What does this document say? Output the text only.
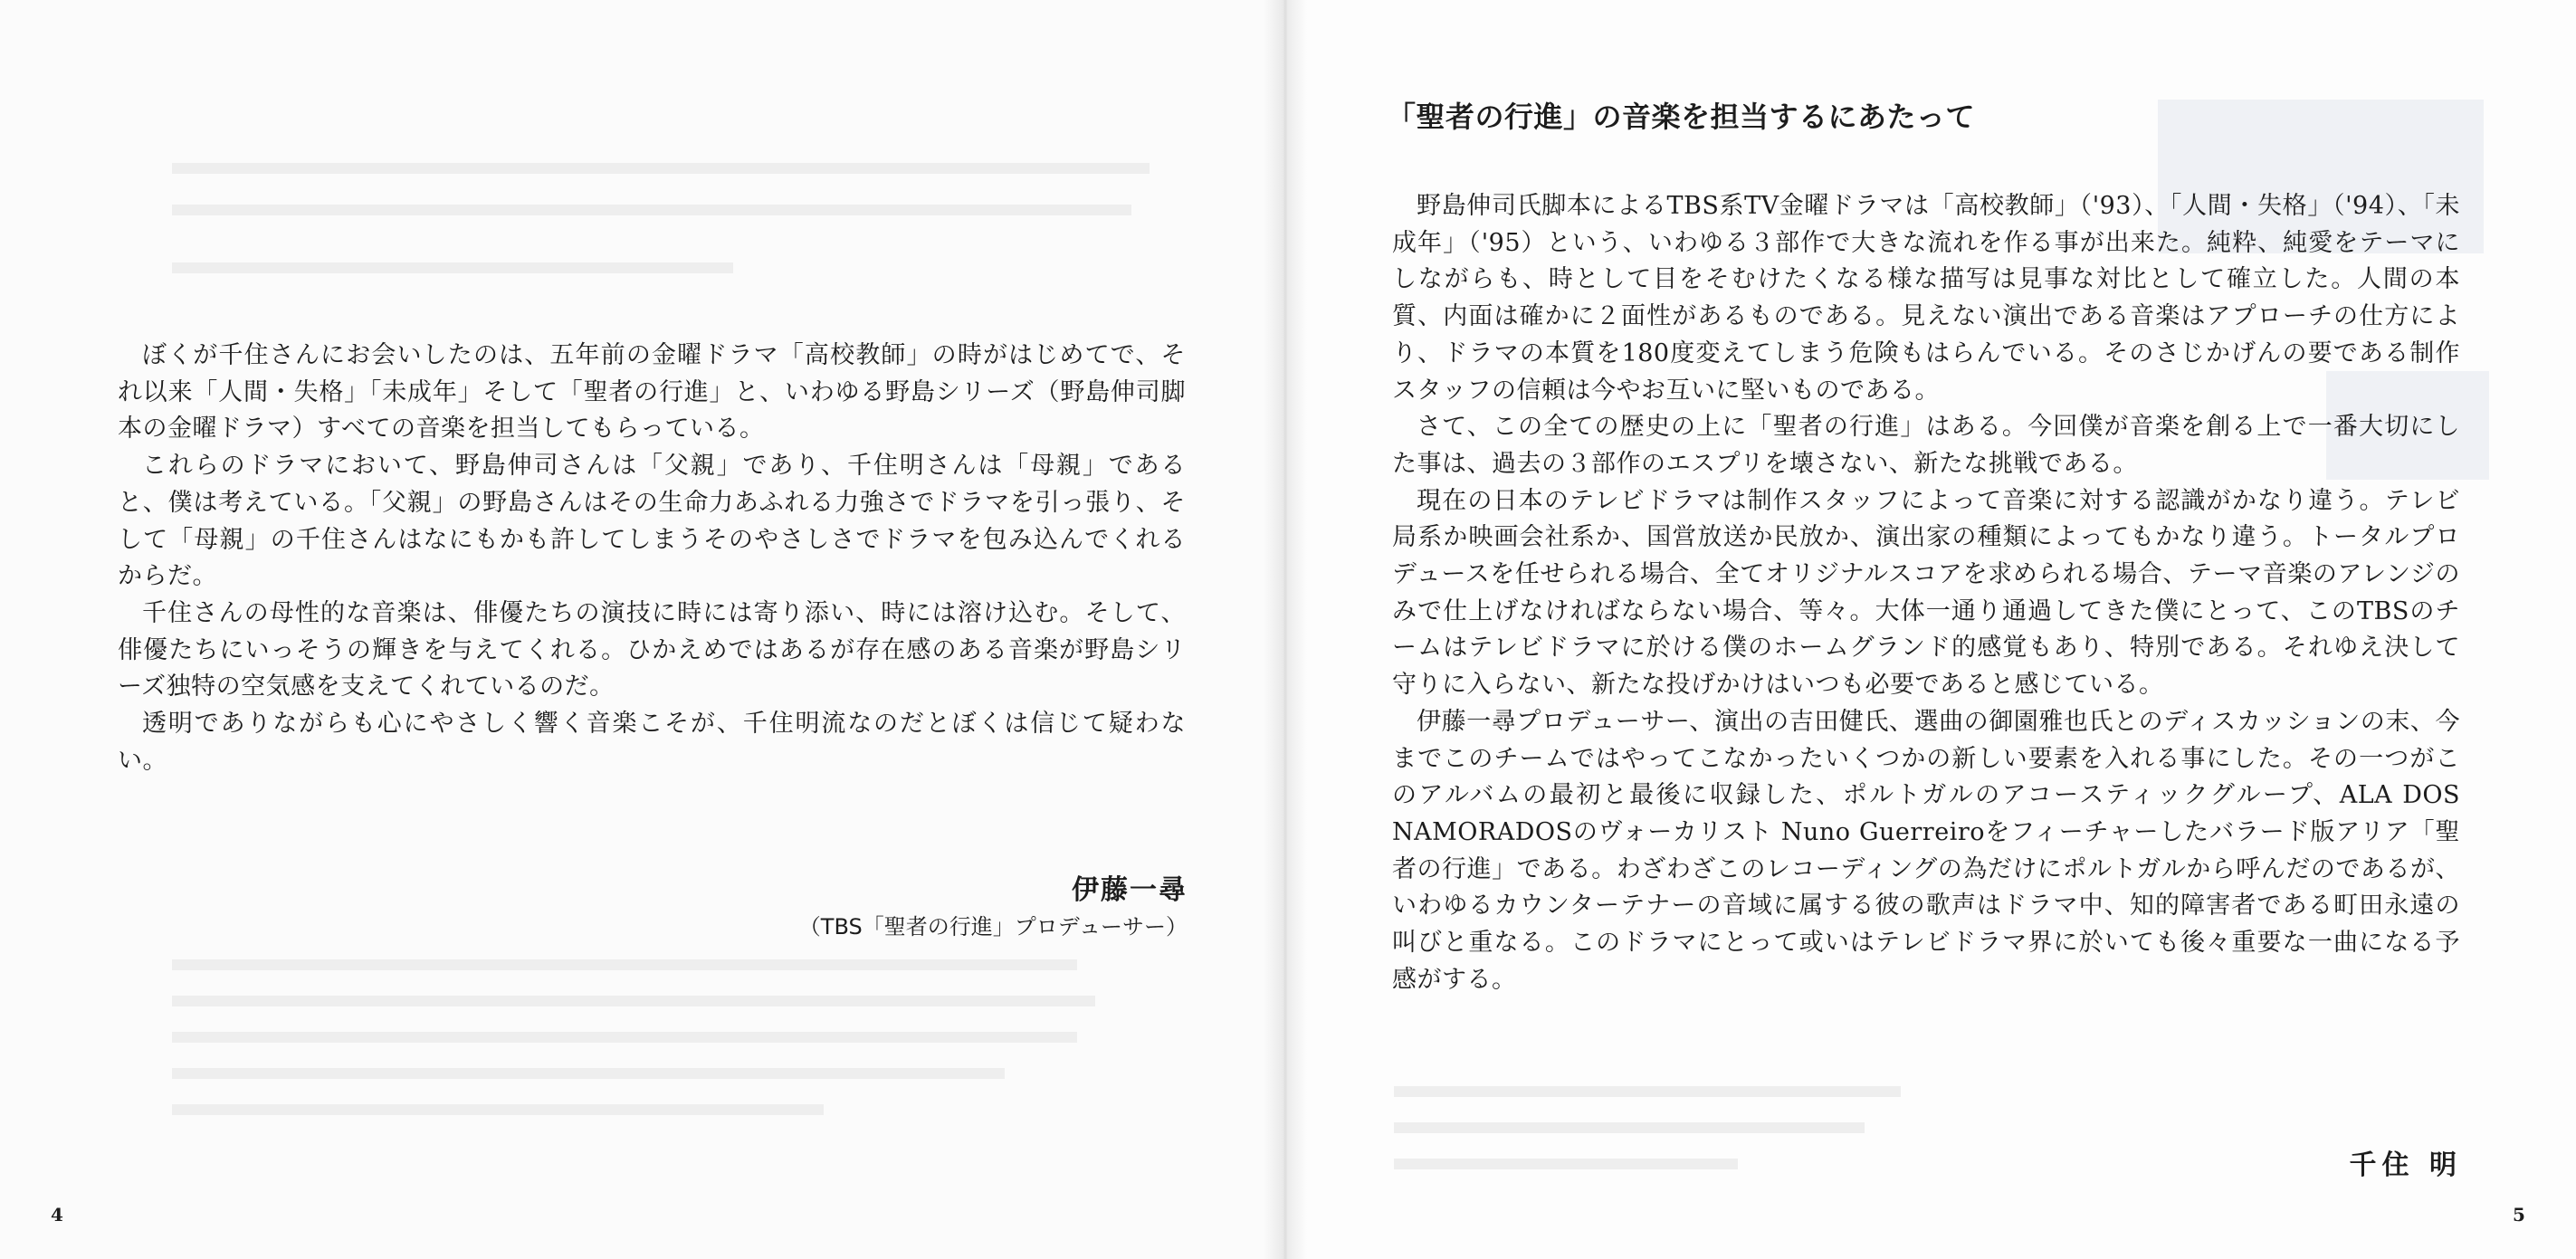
ぼくが千住さんにお会いしたのは、五年前の金曜ドラマ「高校教師」の時がはじめてで、それ以来「人間・失格」「未成年」そして「聖者の行進」と、いわゆる野島シリーズ（野島伸司脚本の金曜ドラマ）すべての音楽を担当してもらっている。

これらのドラマにおいて、野島伸司さんは「父親」であり、千住明さんは「母親」であると、僕は考えている。「父親」の野島さんはその生命力あふれる力強さでドラマを引っ張り、そして「母親」の千住さんはなにもかも許してしまうそのやさしさでドラマを包み込んでくれるからだ。

千住さんの母性的な音楽は、俳優たちの演技に時には寄り添い、時には溶け込む。そして、俳優たちにいっそうの輝きを与えてくれる。ひかえめではあるが存在感のある音楽が野島シリーズ独特の空気感を支えてくれているのだ。

透明でありながらも心にやさしく響く音楽こそが、千住明流なのだとぼくは信じて疑わない。

伊藤一尋
（TBS「聖者の行進」プロデューサー）
4
「聖者の行進」の音楽を担当するにあたって

野島伸司氏脚本によるTBS系TV金曜ドラマは「高校教師」（'93）、「人間・失格」（'94）、「未成年」（'95）という、いわゆる３部作で大きな流れを作る事が出来た。純粋、純愛をテーマにしながらも、時として目をそむけたくなる様な描写は見事な対比として確立した。人間の本質、内面は確かに２面性があるものである。見えない演出である音楽はアプローチの仕方により、ドラマの本質を180度変えてしまう危険もはらんでいる。そのさじかげんの要である制作スタッフの信頼は今やお互いに堅いものである。

さて、この全ての歴史の上に「聖者の行進」はある。今回僕が音楽を創る上で一番大切にした事は、過去の３部作のエスプリを壊さない、新たな挑戦である。

現在の日本のテレビドラマは制作スタッフによって音楽に対する認識がかなり違う。テレビ局系か映画会社系か、国営放送か民放か、演出家の種類によってもかなり違う。トータルプロデュースを任せられる場合、全てオリジナルスコアを求められる場合、テーマ音楽のアレンジのみで仕上げなければならない場合、等々。大体一通り通過してきた僕にとって、このTBSのチームはテレビドラマに於ける僕のホームグランド的感覚もあり、特別である。それゆえ決して守りに入らない、新たな投げかけはいつも必要であると感じている。

伊藤一尋プロデューサー、演出の吉田健氏、選曲の御園雅也氏とのディスカッションの末、今までこのチームではやってこなかったいくつかの新しい要素を入れる事にした。その一つがこのアルバムの最初と最後に収録した、ポルトガルのアコースティックグループ、ALA DOS NAMORADOSのヴォーカリスト Nuno Guerreiroをフィーチャーしたバラード版アリア「聖者の行進」である。わざわざこのレコーディングの為だけにポルトガルから呼んだのであるが、いわゆるカウンターテナーの音域に属する彼の歌声はドラマ中、知的障害者である町田永遠の叫びと重なる。このドラマにとって或いはテレビドラマ界に於いても後々重要な一曲になる予感がする。

千住 明
5
